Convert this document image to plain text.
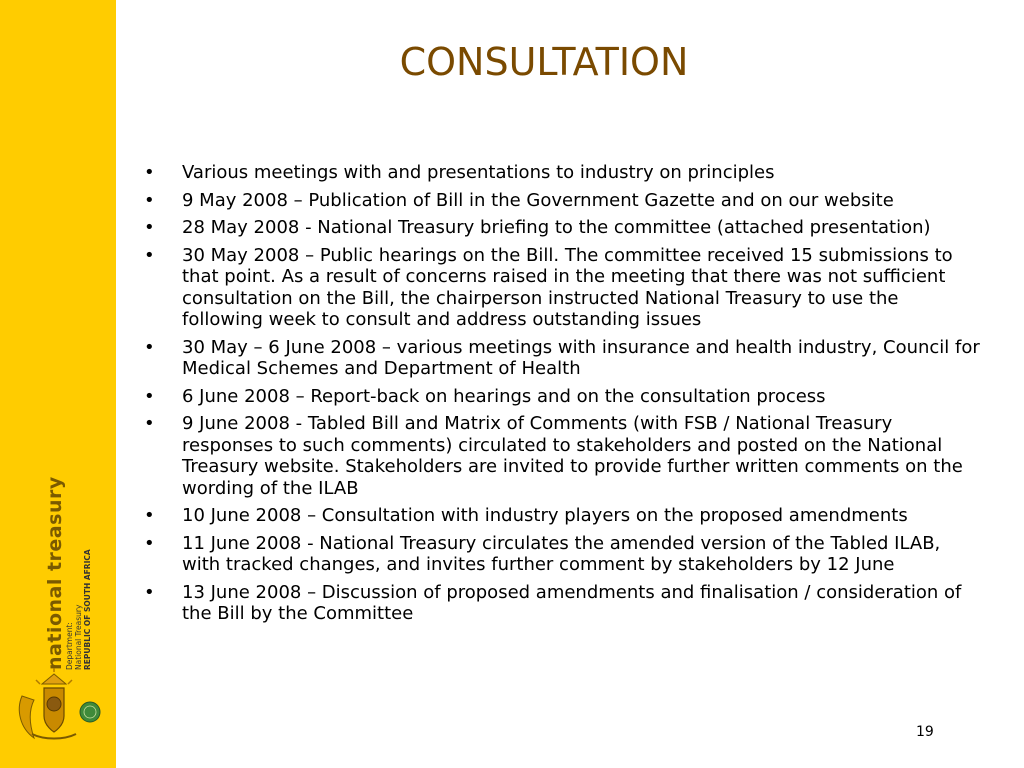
national treasury Department: National Treasury REPUBLIC OF SOUTH AFRICA
CONSULTATION
• Various meetings with and presentations to industry on principles
• 9 May 2008 – Publication of Bill in the Government Gazette and on our website
• 28 May 2008 - National Treasury briefing to the committee (attached presentation)
• 30 May 2008 – Public hearings on the Bill. The committee received 15 submissions to that point. As a result of concerns raised in the meeting that there was not sufficient consultation on the Bill, the chairperson instructed National Treasury to use the following week to consult and address outstanding issues
• 30 May – 6 June 2008 – various meetings with insurance and health industry, Council for Medical Schemes and Department of Health
• 6 June 2008 – Report-back on hearings and on the consultation process
• 9 June 2008 - Tabled Bill and Matrix of Comments (with FSB / National Treasury responses to such comments) circulated to stakeholders and posted on the National Treasury website. Stakeholders are invited to provide further written comments on the wording of the ILAB
• 10 June 2008 – Consultation with industry players on the proposed amendments
• 11 June 2008 - National Treasury circulates the amended version of the Tabled ILAB, with tracked changes, and invites further comment by stakeholders by 12 June
• 13 June 2008 – Discussion of proposed amendments and finalisation / consideration of the Bill by the Committee
19
